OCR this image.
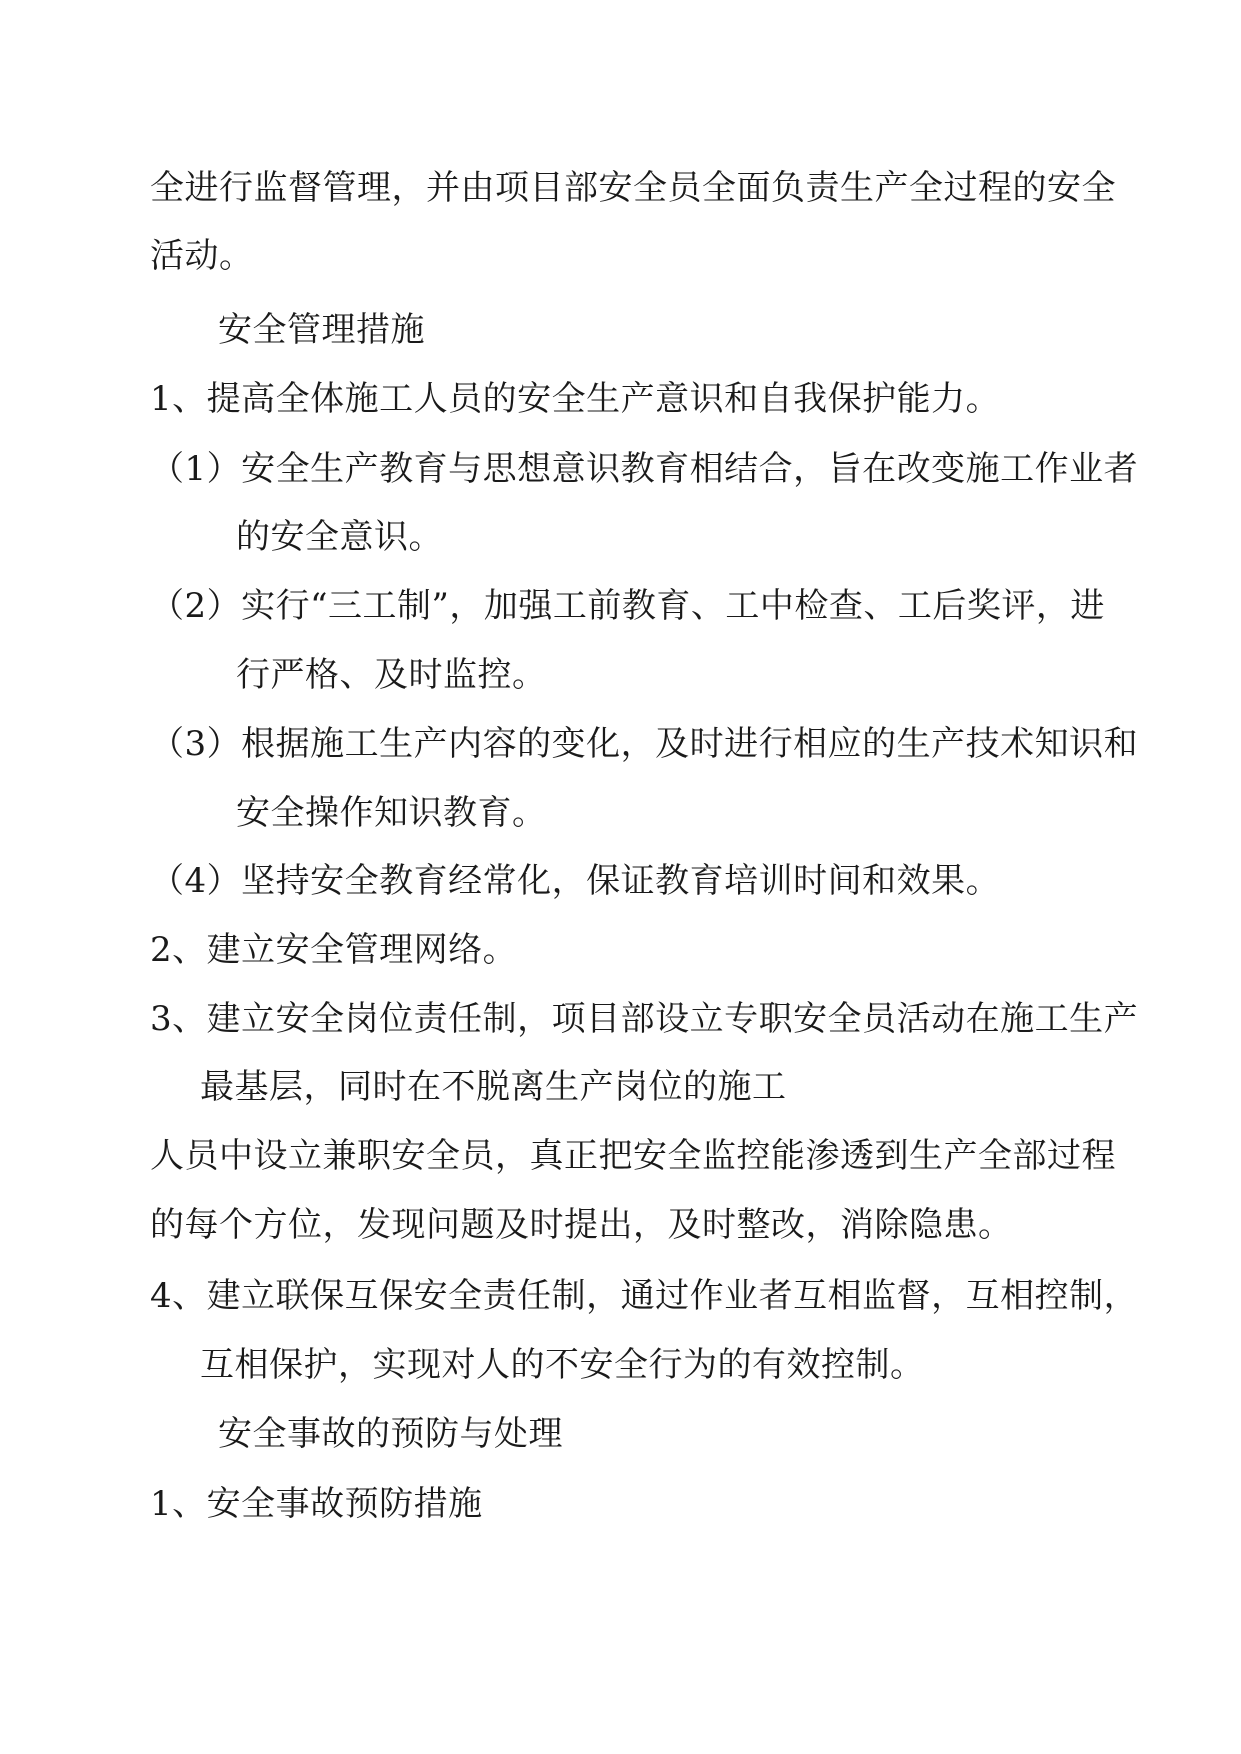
全进行监督管理，并由项目部安全员全面负责生产全过程的安全
活动。
安全管理措施
1、提高全体施工人员的安全生产意识和自我保护能力。
（1）安全生产教育与思想意识教育相结合，旨在改变施工作业者
的安全意识。
（2）实行“三工制”，加强工前教育、工中检查、工后奖评，进
行严格、及时监控。
（3）根据施工生产内容的变化，及时进行相应的生产技术知识和
安全操作知识教育。
（4）坚持安全教育经常化，保证教育培训时间和效果。
2、建立安全管理网络。
3、建立安全岗位责任制，项目部设立专职安全员活动在施工生产
最基层，同时在不脱离生产岗位的施工
人员中设立兼职安全员，真正把安全监控能渗透到生产全部过程
的每个方位，发现问题及时提出，及时整改，消除隐患。
4、建立联保互保安全责任制，通过作业者互相监督，互相控制，
互相保护，实现对人的不安全行为的有效控制。
安全事故的预防与处理
1、安全事故预防措施
